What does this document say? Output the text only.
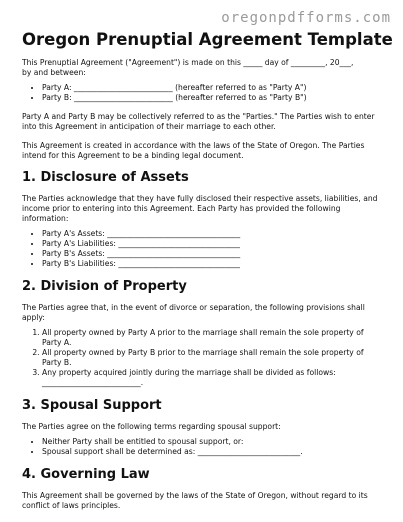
oregonpdfforms.com
Oregon Prenuptial Agreement Template

This Prenuptial Agreement ("Agreement") is made on this _____ day of _________, 20___,

by and between:

• Party A: __________________________ (hereafter referred to as "Party A")
• Party B: __________________________ (hereafter referred to as "Party B")

Party A and Party B may be collectively referred to as the "Parties." The Parties wish to enter into this Agreement in anticipation of their marriage to each other.

This Agreement is created in accordance with the laws of the State of Oregon. The Parties intend for this Agreement to be a binding legal document.

1. Disclosure of Assets

The Parties acknowledge that they have fully disclosed their respective assets, liabilities, and income prior to entering into this Agreement. Each Party has provided the following information:

• Party A's Assets: ___________________________________
• Party A's Liabilities: ________________________________
• Party B's Assets: ___________________________________
• Party B's Liabilities: ________________________________
2. Division of Property

The Parties agree that, in the event of divorce or separation, the following provisions shall apply:

1. All property owned by Party A prior to the marriage shall remain the sole property of Party A.
2. All property owned by Party B prior to the marriage shall remain the sole property of Party B.
3. Any property acquired jointly during the marriage shall be divided as follows: __________________________.
3. Spousal Support

The Parties agree on the following terms regarding spousal support:

• Neither Party shall be entitled to spousal support, or:
• Spousal support shall be determined as: ___________________________.
4. Governing Law

This Agreement shall be governed by the laws of the State of Oregon, without regard to its conflict of laws principles.
